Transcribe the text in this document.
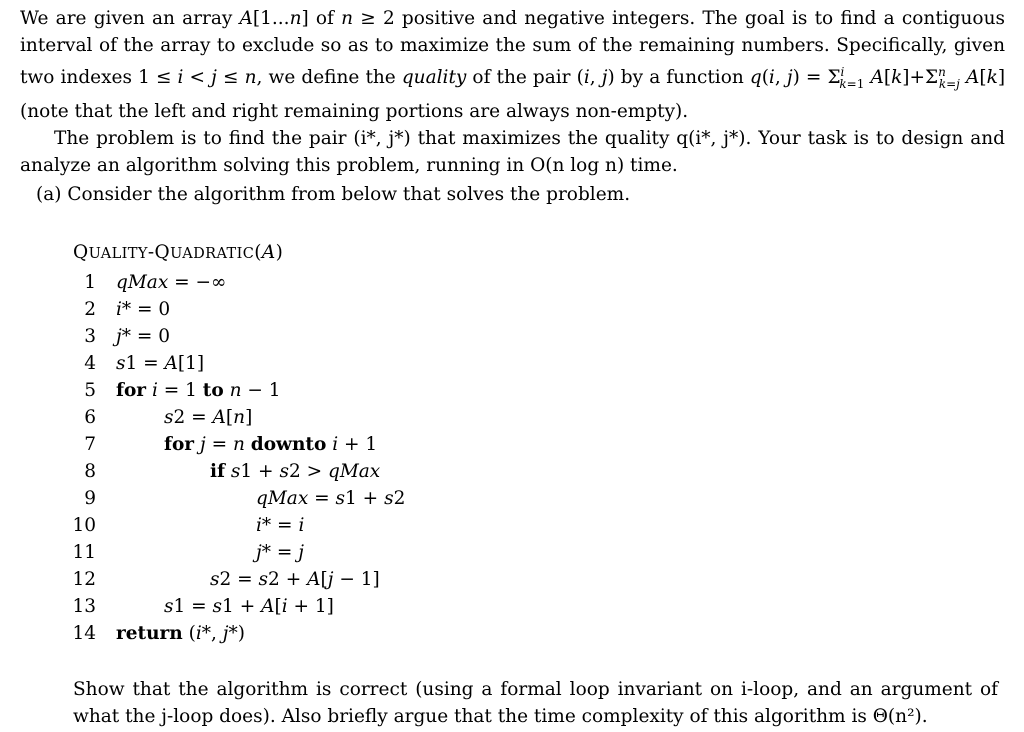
We are given an array A[1...n] of n ≥ 2 positive and negative integers. The goal is to find a contiguous interval of the array to exclude so as to maximize the sum of the remaining numbers. Specifically, given two indexes 1 ≤ i < j ≤ n, we define the quality of the pair (i, j) by a function q(i, $j) = \Sigma^i_{k=1}$ $A[k]+\Sigma^n_{k=j}$ A[k] (note that the left and right remaining portions are always non-empty).

The problem is to find the pair (i*, j*) that maximizes the quality q(i*, j*). Your task is to design and analyze an algorithm solving this problem, running in O(n log n) time.

(a) Consider the algorithm from below that solves the problem.

QUALITY-QUADRATIC(A)

1 qMax = −∞
2 i* = 0
3 j* = 0
4 s1 = A[1]
5 for i = 1 to n − 1
6	s2 = A[n]
7	for j = n downto i + 1
8	if s1 + s2 > qMax
9	qMax = s1 + s2
10	i* = i
11	j* = j
12	s2 = s2 + A[j − 1]
13	s1 = s1 + A[i + 1]
14 return (i*, j*)

Show that the algorithm is correct (using a formal loop invariant on i-loop, and an argument of what the j-loop does). Also briefly argue that the time complexity of this algorithm is Θ(n²).
